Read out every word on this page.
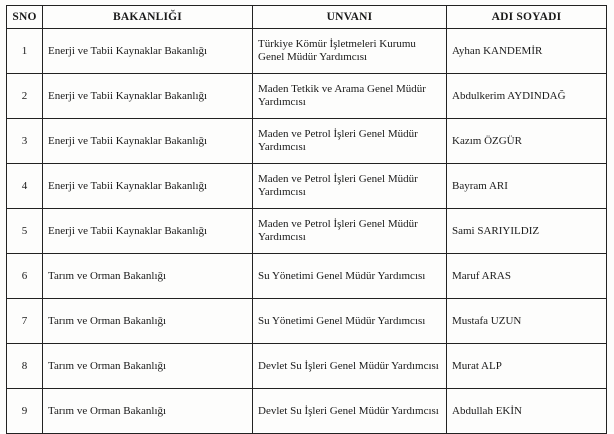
SNO	BAKANLIĞI	UNVANI	ADI SOYADI
1	Enerji ve Tabii Kaynaklar Bakanlığı	Türkiye Kömür İşletmeleri Kurumu Genel Müdür Yardımcısı	Ayhan KANDEMİR
2	Enerji ve Tabii Kaynaklar Bakanlığı	Maden Tetkik ve Arama Genel Müdür Yardımcısı	Abdulkerim AYDINDAĞ
3	Enerji ve Tabii Kaynaklar Bakanlığı	Maden ve Petrol İşleri Genel Müdür Yardımcısı	Kazım ÖZGÜR
4	Enerji ve Tabii Kaynaklar Bakanlığı	Maden ve Petrol İşleri Genel Müdür Yardımcısı	Bayram ARI
5	Enerji ve Tabii Kaynaklar Bakanlığı	Maden ve Petrol İşleri Genel Müdür Yardımcısı	Sami SARIYILDIZ
6	Tarım ve Orman Bakanlığı	Su Yönetimi Genel Müdür Yardımcısı	Maruf ARAS
7	Tarım ve Orman Bakanlığı	Su Yönetimi Genel Müdür Yardımcısı	Mustafa UZUN
8	Tarım ve Orman Bakanlığı	Devlet Su İşleri Genel Müdür Yardımcısı	Murat ALP
9	Tarım ve Orman Bakanlığı	Devlet Su İşleri Genel Müdür Yardımcısı	Abdullah EKİN
